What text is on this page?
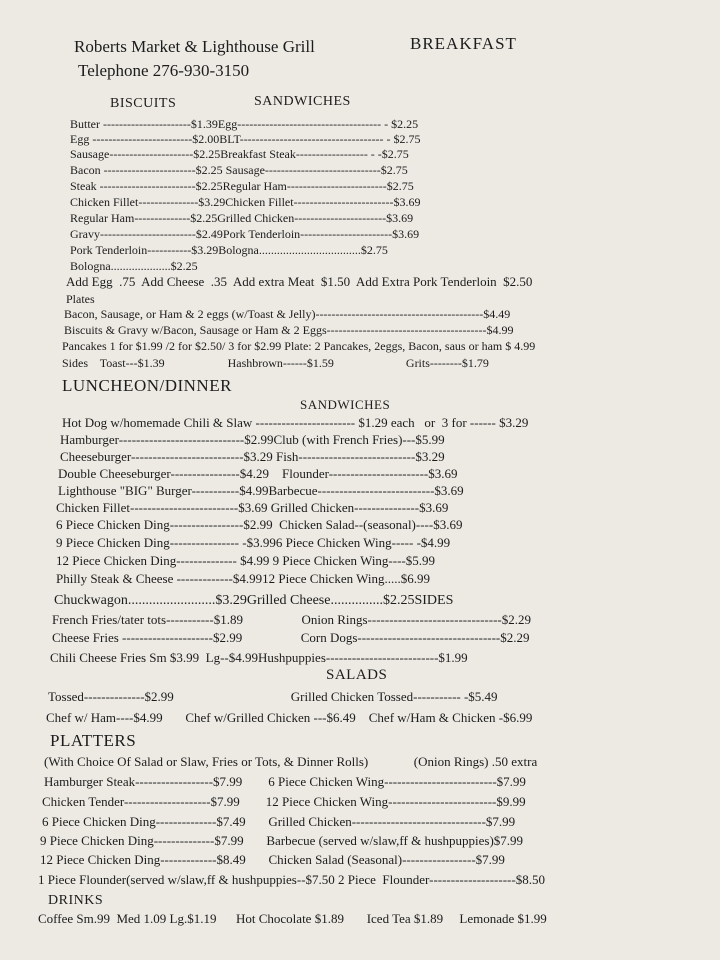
Roberts Market & Lighthouse Grill	BREAKFAST
Telephone 276-930-3150
BISCUITS	SANDWICHES
Butter ----------------------$1.39Egg------------------------------------ - $2.25
Egg -------------------------$2.00BLT------------------------------------ - $2.75
Sausage---------------------$2.25Breakfast Steak------------------ - -$2.75
Bacon -----------------------$2.25 Sausage-----------------------------$2.75
Steak ------------------------$2.25Regular Ham-------------------------$2.75
Chicken Fillet---------------$3.29Chicken Fillet-------------------------$3.69
Regular Ham--------------$2.25Grilled Chicken-----------------------$3.69
Gravy------------------------$2.49Pork Tenderloin-----------------------$3.69
Pork Tenderloin-----------$3.29Bologna..................................$2.75
Bologna....................$2.25
Add Egg  .75  Add Cheese  .35  Add extra Meat  $1.50  Add Extra Pork Tenderloin  $2.50
Plates
Bacon, Sausage, or Ham & 2 eggs (w/Toast & Jelly)------------------------------------------$4.49
Biscuits & Gravy w/Bacon, Sausage or Ham & 2 Eggs----------------------------------------$4.99
Pancakes 1 for $1.99 /2 for $2.50/ 3 for $2.99 Plate: 2 Pancakes, 2eggs, Bacon, saus or ham $ 4.99
Sides    Toast---$1.39                     Hashbrown------$1.59                        Grits--------$1.79
LUNCHEON/DINNER
SANDWICHES
Hot Dog w/homemade Chili & Slaw ----------------------- $1.29 each   or  3 for ------ $3.29
Hamburger-----------------------------$2.99Club (with French Fries)---$5.99
Cheeseburger--------------------------$3.29 Fish---------------------------$3.29
Double Cheeseburger----------------$4.29    Flounder-----------------------$3.69
Lighthouse "BIG" Burger-----------$4.99Barbecue---------------------------$3.69
Chicken Fillet-------------------------$3.69 Grilled Chicken---------------$3.69
6 Piece Chicken Ding-----------------$2.99  Chicken Salad--(seasonal)----$3.69
9 Piece Chicken Ding---------------- -$3.996 Piece Chicken Wing----- -$4.99
12 Piece Chicken Ding-------------- $4.99 9 Piece Chicken Wing----$5.99
Philly Steak & Cheese -------------$4.9912 Piece Chicken Wing.....$6.99
Chuckwagon.........................$3.29Grilled Cheese...............$2.25SIDES
French Fries/tater tots-----------$1.89                  Onion Rings-------------------------------$2.29
Cheese Fries ---------------------$2.99                  Corn Dogs---------------------------------$2.29
Chili Cheese Fries Sm $3.99  Lg--$4.99Hushpuppies--------------------------$1.99
SALADS
Tossed--------------$2.99                                    Grilled Chicken Tossed----------- -$5.49
Chef w/ Ham----$4.99       Chef w/Grilled Chicken ---$6.49    Chef w/Ham & Chicken -$6.99
PLATTERS
(With Choice Of Salad or Slaw, Fries or Tots, & Dinner Rolls)              (Onion Rings) .50 extra
Hamburger Steak------------------$7.99        6 Piece Chicken Wing--------------------------$7.99
Chicken Tender--------------------$7.99        12 Piece Chicken Wing-------------------------$9.99
6 Piece Chicken Ding--------------$7.49       Grilled Chicken-------------------------------$7.99
9 Piece Chicken Ding--------------$7.99       Barbecue (served w/slaw,ff & hushpuppies)$7.99
12 Piece Chicken Ding-------------$8.49       Chicken Salad (Seasonal)-----------------$7.99
1 Piece Flounder(served w/slaw,ff & hushpuppies--$7.50 2 Piece  Flounder--------------------$8.50
DRINKS
Coffee Sm.99  Med 1.09 Lg.$1.19      Hot Chocolate $1.89       Iced Tea $1.89     Lemonade $1.99
